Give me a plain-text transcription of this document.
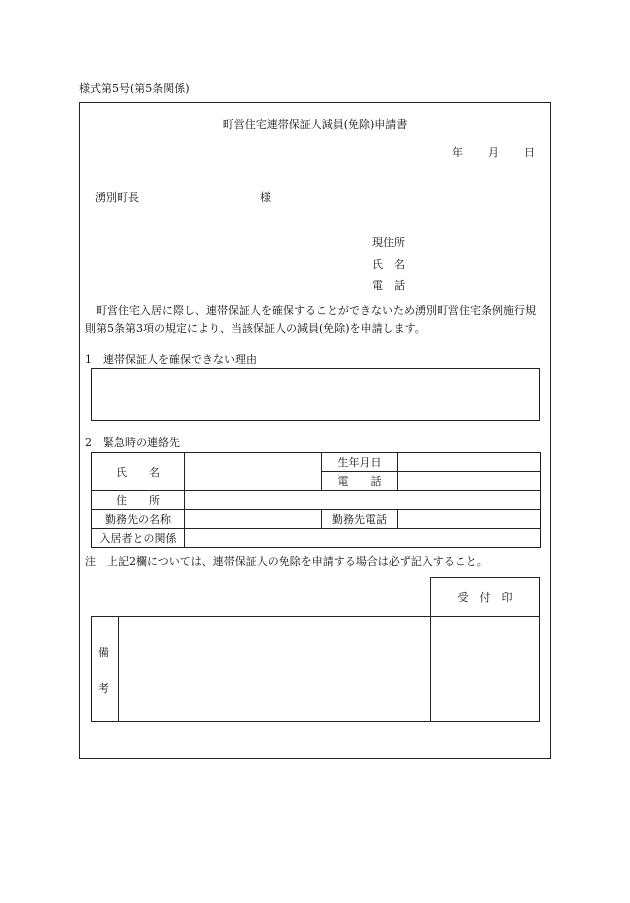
様式第5号(第5条関係)
町営住宅連帯保証人減員(免除)申請書
年 月 日
湧別町長	様
現住所
氏　名
電　話
町営住宅入居に際し、連帯保証人を確保することができないため湧別町営住宅条例施行規則第5条第3項の規定により、当該保証人の減員(免除)を申請します。
1　連帯保証人を確保できない理由
2　緊急時の連絡先
氏　　名		生年月日	
		電　　話	
住　　所			
勤務先の名称		勤務先電話	
入居者との関係			
注　上記2欄については、連帯保証人の免除を申請する場合は必ず記入すること。
受　付　印
備
考
